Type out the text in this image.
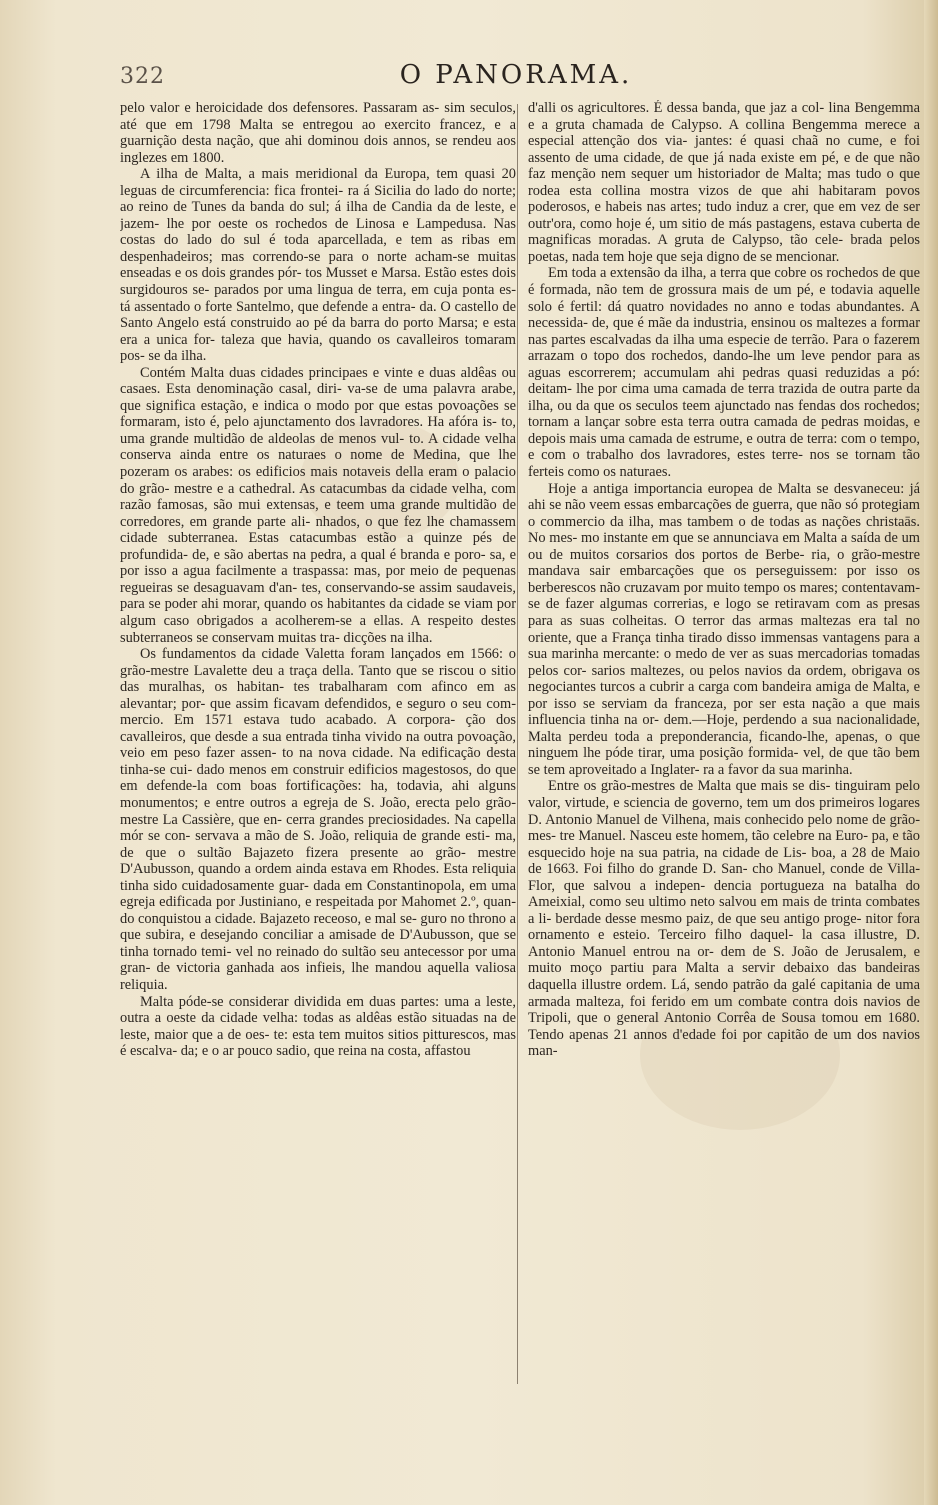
322	O PANORAMA.

pelo valor e heroicidade dos defensores. Passaram as- sim seculos, até que em 1798 Malta se entregou ao exercito francez, e a guarnição desta nação, que ahi dominou dois annos, se rendeu aos inglezes em 1800.

A ilha de Malta, a mais meridional da Europa, tem quasi 20 leguas de circumferencia: fica frontei- ra á Sicilia do lado do norte; ao reino de Tunes da banda do sul; á ilha de Candia da de leste, e jazem- lhe por oeste os rochedos de Linosa e Lampedusa. Nas costas do lado do sul é toda aparcellada, e tem as ribas em despenhadeiros; mas correndo-se para o norte acham-se muitas enseadas e os dois grandes pór- tos Musset e Marsa. Estão estes dois surgidouros se- parados por uma lingua de terra, em cuja ponta es- tá assentado o forte Santelmo, que defende a entra- da. O castello de Santo Angelo está construido ao pé da barra do porto Marsa; e esta era a unica for- taleza que havia, quando os cavalleiros tomaram pos- se da ilha.

Contém Malta duas cidades principaes e vinte e duas aldêas ou casaes. Esta denominação casal, diri- va-se de uma palavra arabe, que significa estação, e indica o modo por que estas povoações se formaram, isto é, pelo ajunctamento dos lavradores. Ha afóra is- to, uma grande multidão de aldeolas de menos vul- to. A cidade velha conserva ainda entre os naturaes o nome de Medina, que lhe pozeram os arabes: os edificios mais notaveis della eram o palacio do grão- mestre e a cathedral. As catacumbas da cidade velha, com razão famosas, são mui extensas, e teem uma grande multidão de corredores, em grande parte ali- nhados, o que fez lhe chamassem cidade subterranea. Estas catacumbas estão a quinze pés de profundida- de, e são abertas na pedra, a qual é branda e poro- sa, e por isso a agua facilmente a traspassa: mas, por meio de pequenas regueiras se desaguavam d'an- tes, conservando-se assim saudaveis, para se poder ahi morar, quando os habitantes da cidade se viam por algum caso obrigados a acolherem-se a ellas. A respeito destes subterraneos se conservam muitas tra- dicções na ilha.

Os fundamentos da cidade Valetta foram lançados em 1566: o grão-mestre Lavalette deu a traça della. Tanto que se riscou o sitio das muralhas, os habitan- tes trabalharam com afinco em as alevantar; por- que assim ficavam defendidos, e seguro o seu com- mercio. Em 1571 estava tudo acabado. A corpora- ção dos cavalleiros, que desde a sua entrada tinha vivido na outra povoação, veio em peso fazer assen- to na nova cidade. Na edificação desta tinha-se cui- dado menos em construir edificios magestosos, do que em defende-la com boas fortificações: ha, todavia, ahi alguns monumentos; e entre outros a egreja de S. João, erecta pelo grão-mestre La Cassière, que en- cerra grandes preciosidades. Na capella mór se con- servava a mão de S. João, reliquia de grande esti- ma, de que o sultão Bajazeto fizera presente ao grão- mestre D'Aubusson, quando a ordem ainda estava em Rhodes. Esta reliquia tinha sido cuidadosamente guar- dada em Constantinopola, em uma egreja edificada por Justiniano, e respeitada por Mahomet 2.º, quan- do conquistou a cidade. Bajazeto receoso, e mal se- guro no throno a que subira, e desejando conciliar a amisade de D'Aubusson, que se tinha tornado temi- vel no reinado do sultão seu antecessor por uma gran- de victoria ganhada aos infieis, lhe mandou aquella valiosa reliquia.

Malta póde-se considerar dividida em duas partes: uma a leste, outra a oeste da cidade velha: todas as aldêas estão situadas na de leste, maior que a de oes- te: esta tem muitos sitios pitturescos, mas é escalva- da; e o ar pouco sadio, que reina na costa, affastou

d'alli os agricultores. É dessa banda, que jaz a col- lina Bengemma e a gruta chamada de Calypso. A collina Bengemma merece a especial attenção dos via- jantes: é quasi chaã no cume, e foi assento de uma cidade, de que já nada existe em pé, e de que não faz menção nem sequer um historiador de Malta; mas tudo o que rodea esta collina mostra vizos de que ahi habitaram povos poderosos, e habeis nas artes; tudo induz a crer, que em vez de ser outr'ora, como hoje é, um sitio de más pastagens, estava cuberta de magnificas moradas. A gruta de Calypso, tão cele- brada pelos poetas, nada tem hoje que seja digno de se mencionar.

Em toda a extensão da ilha, a terra que cobre os rochedos de que é formada, não tem de grossura mais de um pé, e todavia aquelle solo é fertil: dá quatro novidades no anno e todas abundantes. A necessida- de, que é mãe da industria, ensinou os maltezes a formar nas partes escalvadas da ilha uma especie de terrão. Para o fazerem arrazam o topo dos rochedos, dando-lhe um leve pendor para as aguas escorrerem; accumulam ahi pedras quasi reduzidas a pó: deitam- lhe por cima uma camada de terra trazida de outra parte da ilha, ou da que os seculos teem ajunctado nas fendas dos rochedos; tornam a lançar sobre esta terra outra camada de pedras moidas, e depois mais uma camada de estrume, e outra de terra: com o tempo, e com o trabalho dos lavradores, estes terre- nos se tornam tão ferteis como os naturaes.

Hoje a antiga importancia europea de Malta se desvaneceu: já ahi se não veem essas embarcações de guerra, que não só protegiam o commercio da ilha, mas tambem o de todas as nações christaās. No mes- mo instante em que se annunciava em Malta a saída de um ou de muitos corsarios dos portos de Berbe- ria, o grão-mestre mandava sair embarcações que os perseguissem: por isso os berberescos não cruzavam por muito tempo os mares; contentavam-se de fazer algumas correrias, e logo se retiravam com as presas para as suas colheitas. O terror das armas maltezas era tal no oriente, que a França tinha tirado disso immensas vantagens para a sua marinha mercante: o medo de ver as suas mercadorias tomadas pelos cor- sarios maltezes, ou pelos navios da ordem, obrigava os negociantes turcos a cubrir a carga com bandeira amiga de Malta, e por isso se serviam da franceza, por ser esta nação a que mais influencia tinha na or- dem.—Hoje, perdendo a sua nacionalidade, Malta perdeu toda a preponderancia, ficando-lhe, apenas, o que ninguem lhe póde tirar, uma posição formida- vel, de que tão bem se tem aproveitado a Inglater- ra a favor da sua marinha.

Entre os grão-mestres de Malta que mais se dis- tinguiram pelo valor, virtude, e sciencia de governo, tem um dos primeiros logares D. Antonio Manuel de Vilhena, mais conhecido pelo nome de grão-mes- tre Manuel. Nasceu este homem, tão celebre na Euro- pa, e tão esquecido hoje na sua patria, na cidade de Lis- boa, a 28 de Maio de 1663. Foi filho do grande D. San- cho Manuel, conde de Villa-Flor, que salvou a indepen- dencia portugueza na batalha do Ameixial, como seu ultimo neto salvou em mais de trinta combates a li- berdade desse mesmo paiz, de que seu antigo proge- nitor fora ornamento e esteio. Terceiro filho daquel- la casa illustre, D. Antonio Manuel entrou na or- dem de S. João de Jerusalem, e muito moço partiu para Malta a servir debaixo das bandeiras daquella illustre ordem. Lá, sendo patrão da galé capitania de uma armada malteza, foi ferido em um combate contra dois navios de Tripoli, que o general Antonio Corrêa de Sousa tomou em 1680. Tendo apenas 21 annos d'edade foi por capitão de um dos navios man-
